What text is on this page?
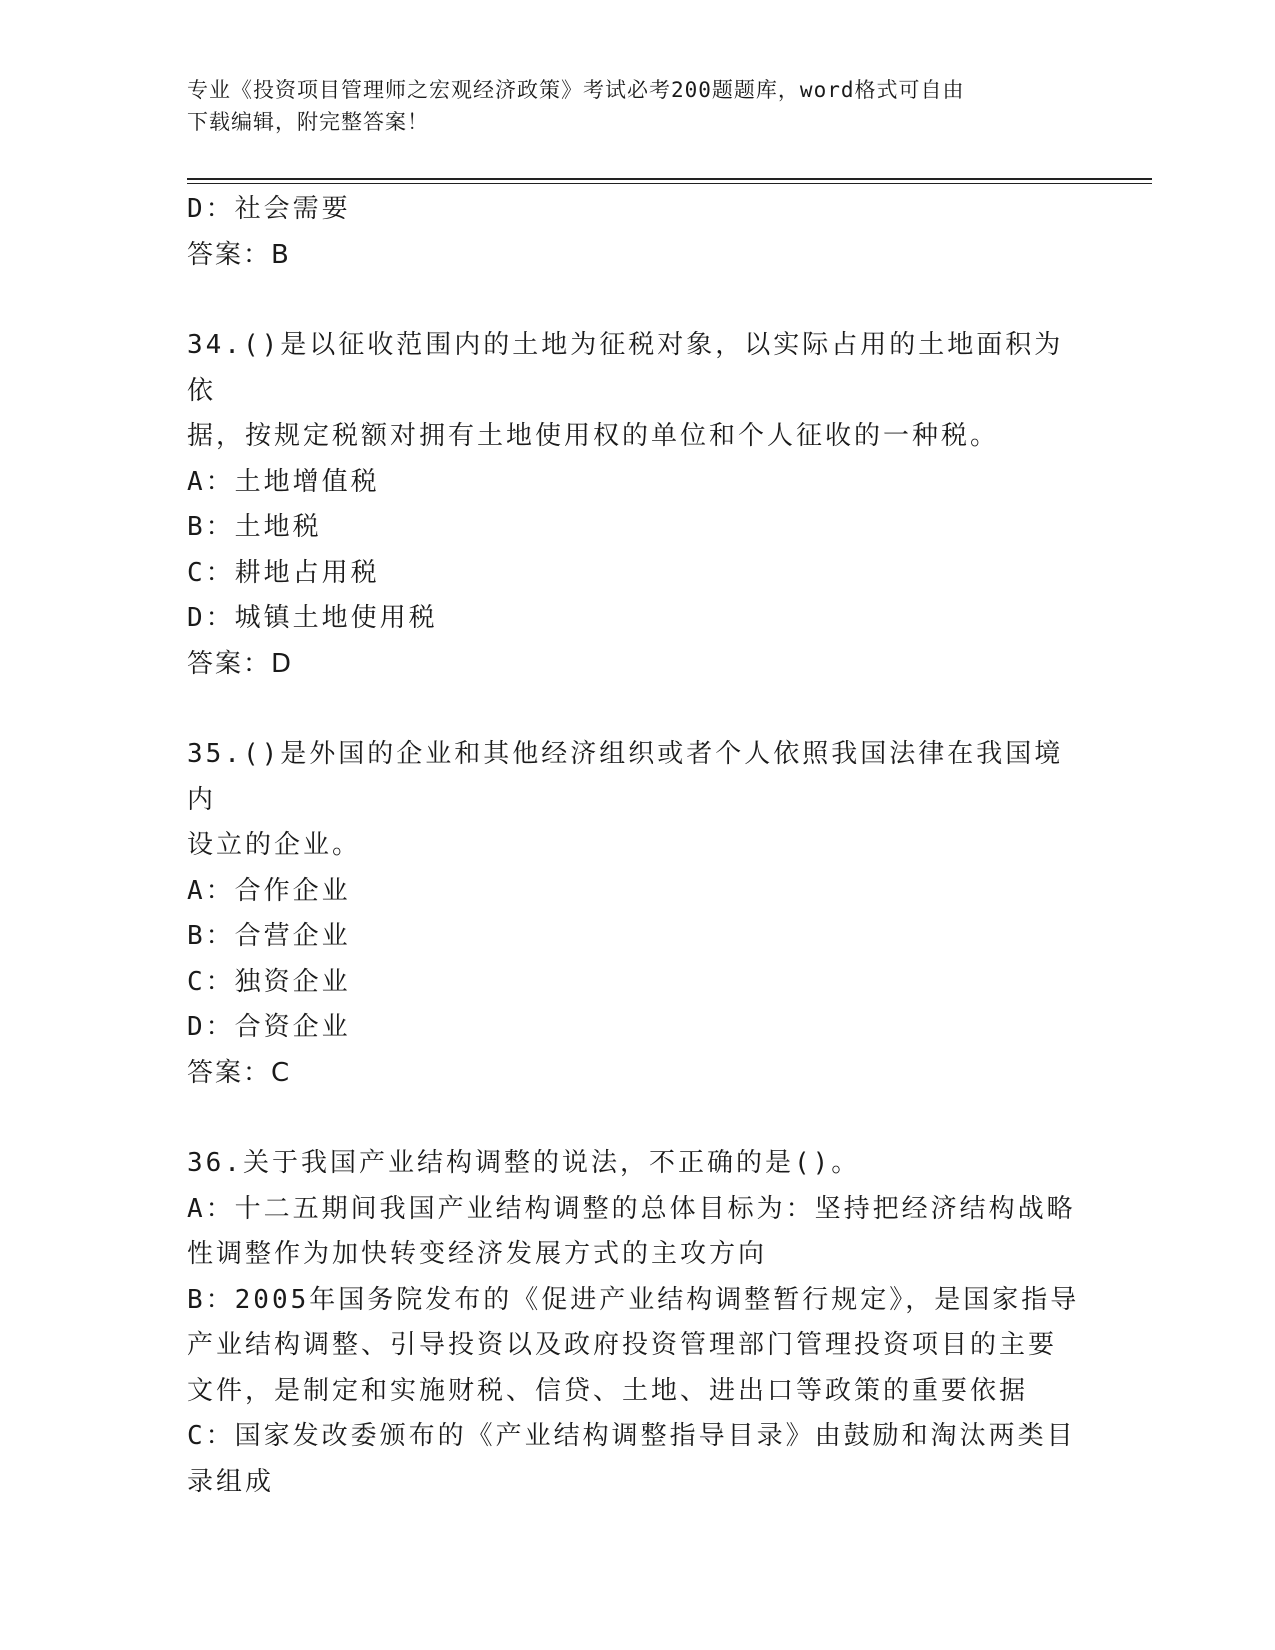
专业《投资项目管理师之宏观经济政策》考试必考200题题库，word格式可自由
下载编辑，附完整答案！
D：社会需要
答案：B
34.()是以征收范围内的土地为征税对象，以实际占用的土地面积为依
据，按规定税额对拥有土地使用权的单位和个人征收的一种税。
A：土地增值税
B：土地税
C：耕地占用税
D：城镇土地使用税
答案：D
35.()是外国的企业和其他经济组织或者个人依照我国法律在我国境内
设立的企业。
A：合作企业
B：合营企业
C：独资企业
D：合资企业
答案：C
36.关于我国产业结构调整的说法，不正确的是()。
A：十二五期间我国产业结构调整的总体目标为：坚持把经济结构战略
性调整作为加快转变经济发展方式的主攻方向
B：2005年国务院发布的《促进产业结构调整暂行规定》，是国家指导
产业结构调整、引导投资以及政府投资管理部门管理投资项目的主要
文件，是制定和实施财税、信贷、土地、进出口等政策的重要依据
C：国家发改委颁布的《产业结构调整指导目录》由鼓励和淘汰两类目
录组成
